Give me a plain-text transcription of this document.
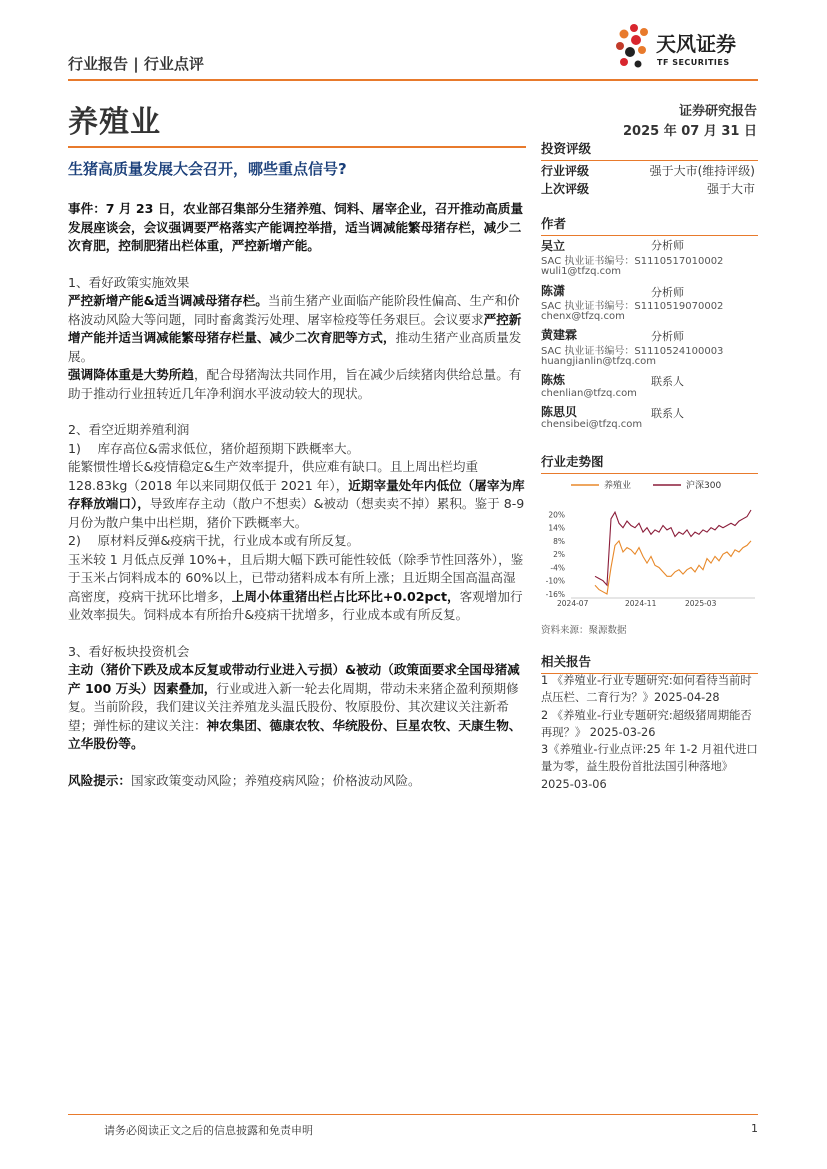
行业报告 | 行业点评
养殖业
天风证券
TF SECURITIES
证券研究报告
2025 年 07 月 31 日
生猪高质量发展大会召开，哪些重点信号?

事件：7 月 23 日，农业部召集部分生猪养殖、饲料、屠宰企业，召开推动高质量发展座谈会，会议强调要严格落实产能调控举措，适当调减能繁母猪存栏，减少二次育肥，控制肥猪出栏体重，严控新增产能。

1、看好政策实施效果

严控新增产能&适当调减母猪存栏。当前生猪产业面临产能阶段性偏高、生产和价格波动风险大等问题，同时畜禽粪污处理、屠宰检疫等任务艰巨。会议要求严控新增产能并适当调减能繁母猪存栏量、减少二次育肥等方式，推动生猪产业高质量发展。

强调降体重是大势所趋，配合母猪淘汰共同作用，旨在减少后续猪肉供给总量。有助于推动行业扭转近几年净利润水平波动较大的现状。

2、看空近期养殖利润

1)　 库存高位&需求低位，猪价超预期下跌概率大。

能繁惯性增长&疫情稳定&生产效率提升，供应难有缺口。且上周出栏均重 128.83kg（2018 年以来同期仅低于 2021 年），近期宰量处年内低位（屠宰为库存释放端口），导致库存主动（散户不想卖）&被动（想卖卖不掉）累积。鉴于 8-9 月份为散户集中出栏期，猪价下跌概率大。

2)　 原材料反弹&疫病干扰，行业成本或有所反复。

玉米较 1 月低点反弹 10%+，且后期大幅下跌可能性较低（除季节性回落外），鉴于玉米占饲料成本的 60%以上，已带动猪料成本有所上涨；且近期全国高温高湿高密度，疫病干扰环比增多，上周小体重猪出栏占比环比+0.02pct，客观增加行业效率损失。饲料成本有所抬升&疫病干扰增多，行业成本或有所反复。

3、看好板块投资机会

主动（猪价下跌及成本反复或带动行业进入亏损）&被动（政策面要求全国母猪减产 100 万头）因素叠加，行业或进入新一轮去化周期，带动未来猪企盈利预期修复。当前阶段，我们建议关注养殖龙头温氏股份、牧原股份、其次建议关注新希望；弹性标的建议关注：神农集团、德康农牧、华统股份、巨星农牧、天康生物、立华股份等。

风险提示：国家政策变动风险；养殖疫病风险；价格波动风险。

投资评级
行业评级	强于大市(维持评级)
上次评级	强于大市
作者
吴立	分析师
SAC 执业证书编号：S1110517010002
wuli1@tfzq.com
陈潇	分析师
SAC 执业证书编号：S1110519070002
chenx@tfzq.com
黄建霖	分析师
SAC 执业证书编号：S1110524100003
huangjianlin@tfzq.com
陈炼	联系人
chenlian@tfzq.com
陈思贝	联系人
chensibei@tfzq.com
行业走势图
养殖业	沪深300
20%
14%
8%
2%
-4%
-10%
-16%
2024-07	2024-11	2025-03
资料来源：聚源数据
相关报告
1 《养殖业-行业专题研究:如何看待当前时点压栏、二育行为？》2025-04-28
2 《养殖业-行业专题研究:超级猪周期能否再现？》 2025-03-26
3《养殖业-行业点评:25 年 1-2 月祖代进口量为零，益生股份首批法国引种落地》 2025-03-06
请务必阅读正文之后的信息披露和免责申明	1
